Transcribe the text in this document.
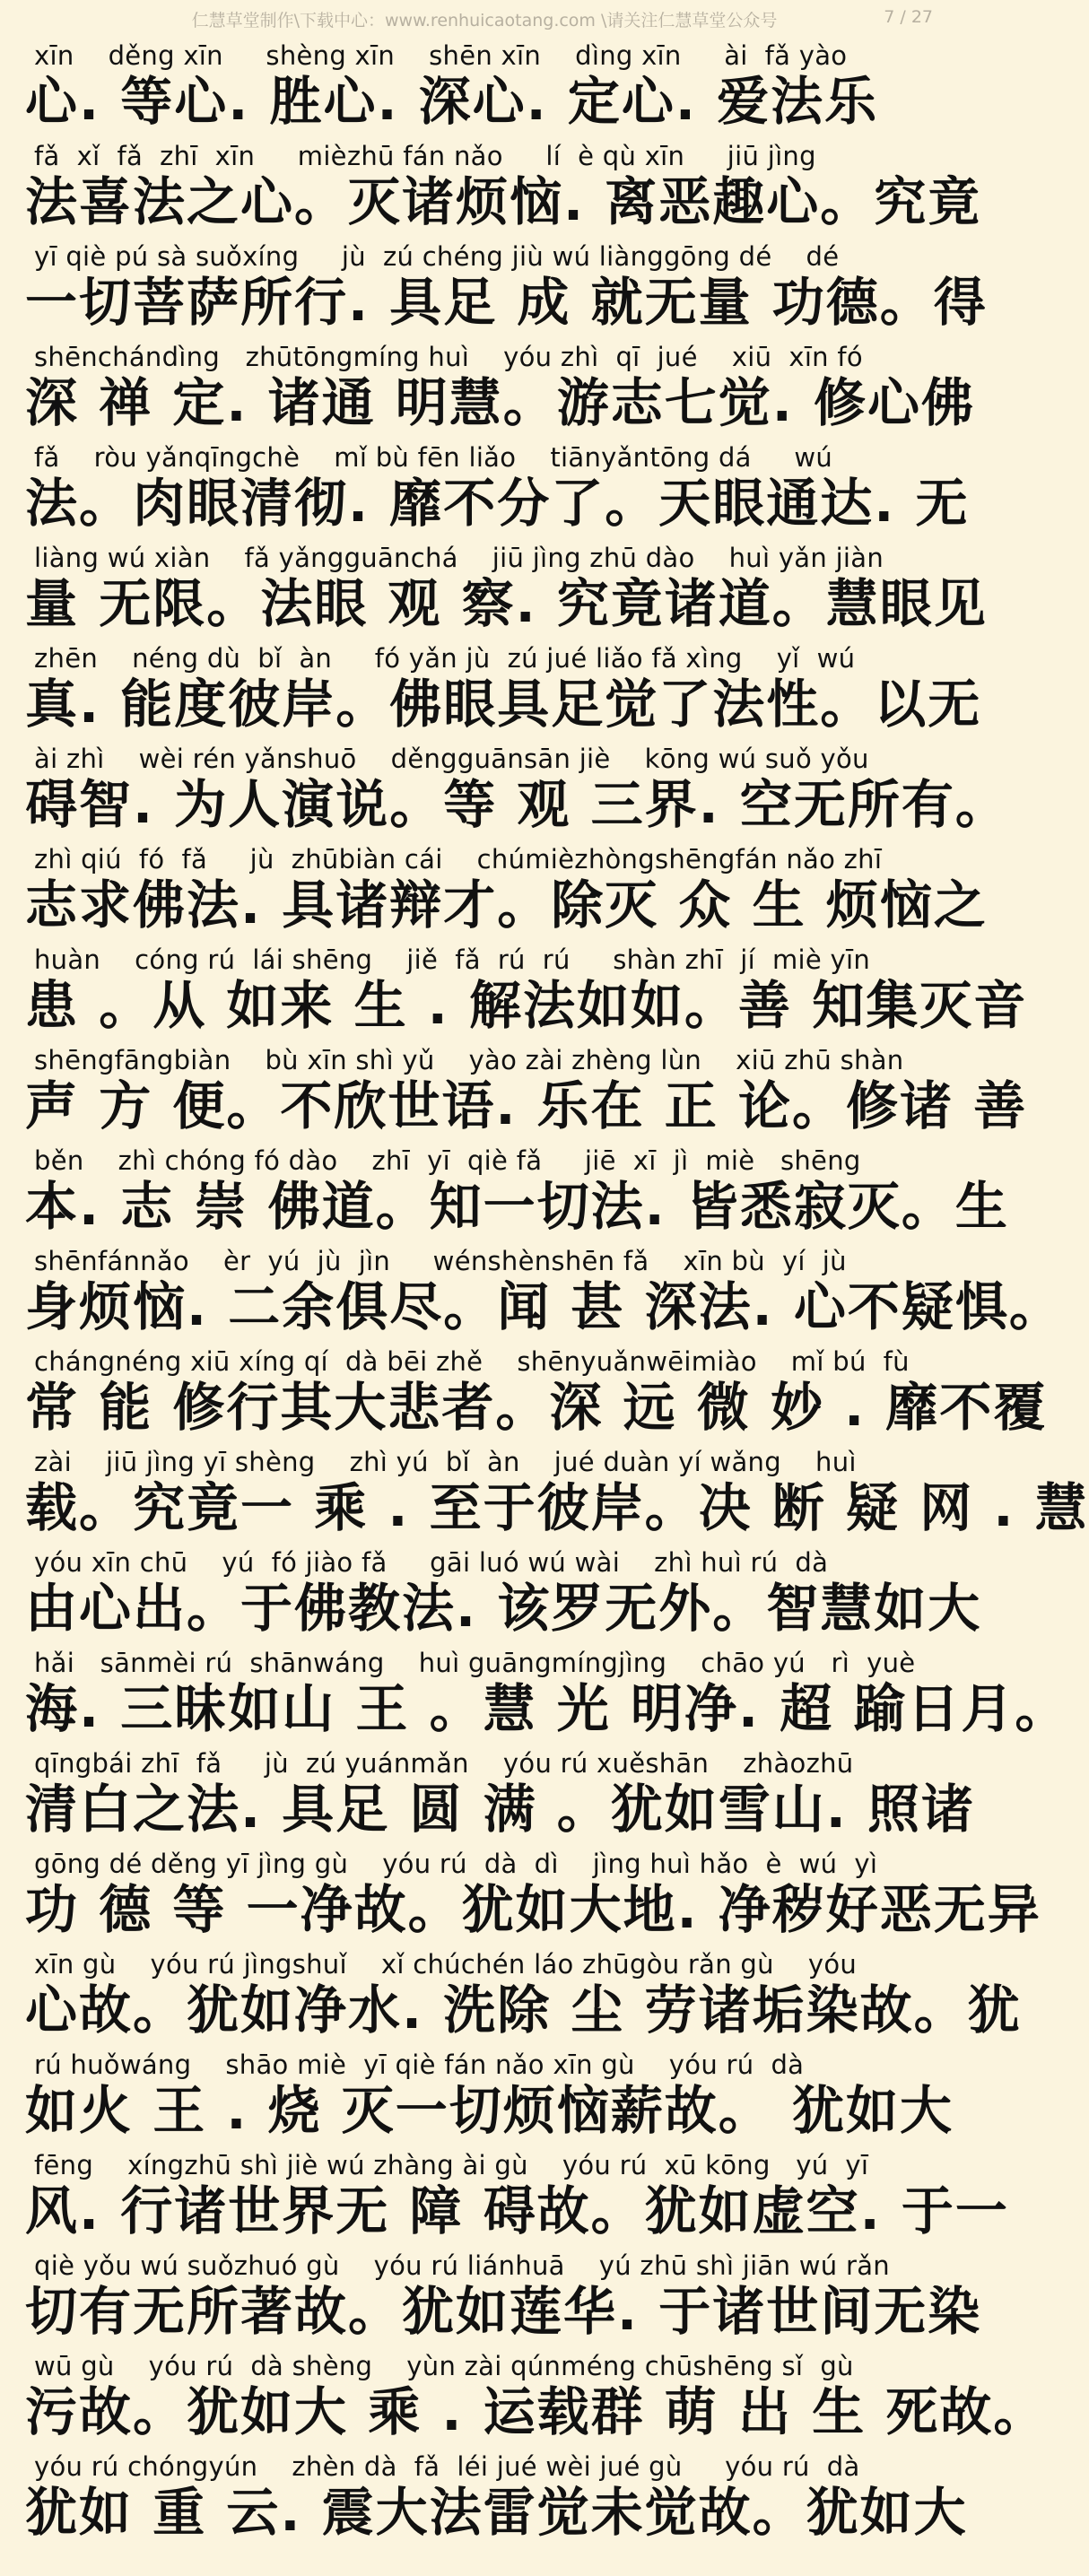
仁慧草堂制作\下载中心：www.renhuicaotang.com \请关注仁慧草堂公众号	7 / 27
xīn    děng xīn     shèng xīn    shēn xīn    dìng xīn     ài  fǎ yào
心. 等心. 胜心. 深心. 定心. 爱法乐
fǎ  xǐ  fǎ  zhī  xīn     mièzhū fán nǎo     lí  è qù xīn     jiū jìng
法喜法之心。灭诸烦恼. 离恶趣心。究竟
yī qiè pú sà suǒxíng     jù  zú chéng jiù wú liànggōng dé    dé
一切菩萨所行. 具足 成 就无量 功德。得
shēnchándìng   zhūtōngmíng huì    yóu zhì  qī  jué    xiū  xīn fó
深 禅 定. 诸通 明慧。游志七觉. 修心佛
fǎ    ròu yǎnqīngchè    mǐ bù fēn liǎo    tiānyǎntōng dá     wú
法。肉眼清彻. 靡不分了。天眼通达. 无
liàng wú xiàn    fǎ yǎngguānchá    jiū jìng zhū dào    huì yǎn jiàn
量 无限。法眼 观 察. 究竟诸道。慧眼见
zhēn    néng dù  bǐ  àn     fó yǎn jù  zú jué liǎo fǎ xìng    yǐ  wú
真. 能度彼岸。佛眼具足觉了法性。以无
ài zhì    wèi rén yǎnshuō    děngguānsān jiè    kōng wú suǒ yǒu
碍智. 为人演说。等 观 三界. 空无所有。
zhì qiú  fó  fǎ     jù  zhūbiàn cái    chúmièzhòngshēngfán nǎo zhī
志求佛法. 具诸辩才。除灭 众 生 烦恼之
huàn    cóng rú  lái shēng    jiě  fǎ  rú  rú     shàn zhī  jí  miè yīn
患 。从 如来 生 . 解法如如。善 知集灭音
shēngfāngbiàn    bù xīn shì yǔ    yào zài zhèng lùn    xiū zhū shàn
声 方 便。不欣世语. 乐在 正 论。修诸 善
běn    zhì chóng fó dào    zhī  yī  qiè fǎ     jiē  xī  jì  miè   shēng
本. 志 崇 佛道。知一切法. 皆悉寂灭。生
shēnfánnǎo    èr  yú  jù  jìn     wénshènshēn fǎ    xīn bù  yí  jù
身烦恼. 二余俱尽。闻 甚 深法. 心不疑惧。
chángnéng xiū xíng qí  dà bēi zhě    shēnyuǎnwēimiào    mǐ bú  fù
常 能 修行其大悲者。深 远 微 妙 . 靡不覆
zài    jiū jìng yī shèng    zhì yú  bǐ  àn    jué duàn yí wǎng    huì
载。究竟一 乘 . 至于彼岸。决 断 疑 网 . 慧
yóu xīn chū    yú  fó jiào fǎ     gāi luó wú wài    zhì huì rú  dà
由心出。于佛教法. 该罗无外。智慧如大
hǎi   sānmèi rú  shānwáng    huì guāngmíngjìng    chāo yú   rì  yuè
海. 三昧如山 王 。慧 光 明净. 超 踰日月。
qīngbái zhī  fǎ     jù  zú yuánmǎn    yóu rú xuěshān    zhàozhū
清白之法. 具足 圆 满 。犹如雪山. 照诸
gōng dé děng yī jìng gù    yóu rú  dà  dì    jìng huì hǎo  è  wú  yì
功 德 等 一净故。犹如大地. 净秽好恶无异
xīn gù    yóu rú jìngshuǐ    xǐ chúchén láo zhūgòu rǎn gù    yóu
心故。犹如净水. 洗除 尘 劳诸垢染故。犹
rú huǒwáng    shāo miè  yī qiè fán nǎo xīn gù    yóu rú  dà
如火 王 . 烧 灭一切烦恼薪故。 犹如大
fēng    xíngzhū shì jiè wú zhàng ài gù    yóu rú  xū kōng   yú  yī
风. 行诸世界无 障 碍故。犹如虚空. 于一
qiè yǒu wú suǒzhuó gù    yóu rú liánhuā    yú zhū shì jiān wú rǎn
切有无所著故。犹如莲华. 于诸世间无染
wū gù    yóu rú  dà shèng    yùn zài qúnméng chūshēng sǐ  gù
污故。犹如大 乘 . 运载群 萌 出 生 死故。
yóu rú chóngyún    zhèn dà  fǎ  léi jué wèi jué gù     yóu rú  dà
犹如 重 云. 震大法雷觉未觉故。犹如大
